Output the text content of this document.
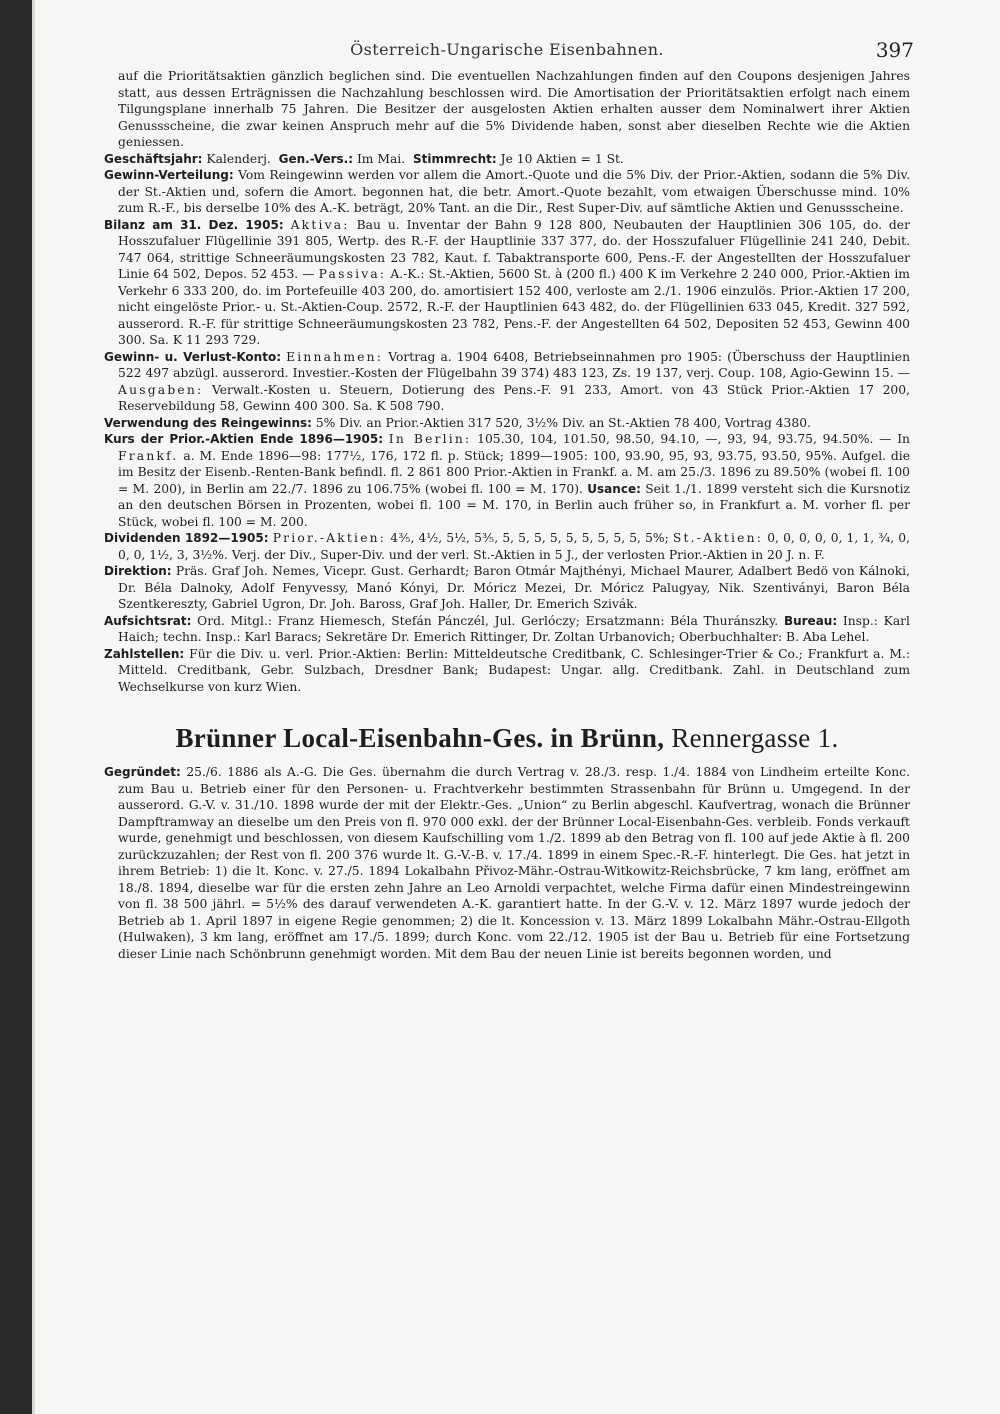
Österreich-Ungarische Eisenbahnen.	397

auf die Prioritätsaktien gänzlich beglichen sind. Die eventuellen Nachzahlungen finden auf den Coupons desjenigen Jahres statt, aus dessen Erträgnissen die Nachzahlung beschlossen wird. Die Amortisation der Prioritätsaktien erfolgt nach einem Tilgungsplane innerhalb 75 Jahren. Die Besitzer der ausgelosten Aktien erhalten ausser dem Nominalwert ihrer Aktien Genussscheine, die zwar keinen Anspruch mehr auf die 5% Dividende haben, sonst aber dieselben Rechte wie die Aktien geniessen.

Geschäftsjahr: Kalenderj. Gen.-Vers.: Im Mai. Stimmrecht: Je 10 Aktien = 1 St.

Gewinn-Verteilung: Vom Reingewinn werden vor allem die Amort.-Quote und die 5% Div. der Prior.-Aktien, sodann die 5% Div. der St.-Aktien und, sofern die Amort. begonnen hat, die betr. Amort.-Quote bezahlt, vom etwaigen Überschusse mind. 10% zum R.-F., bis derselbe 10% des A.-K. beträgt, 20% Tant. an die Dir., Rest Super-Div. auf sämtliche Aktien und Genussscheine.

Bilanz am 31. Dez. 1905: Aktiva: Bau u. Inventar der Bahn 9 128 800, Neubauten der Hauptlinien 306 105, do. der Hosszufaluer Flügellinie 391 805, Wertp. des R.-F. der Hauptlinie 337 377, do. der Hosszufaluer Flügellinie 241 240, Debit. 747 064, strittige Schneeräumungskosten 23 782, Kaut. f. Tabaktransporte 600, Pens.-F. der Angestellten der Hosszufaluer Linie 64 502, Depos. 52 453. — Passiva: A.-K.: St.-Aktien, 5600 St. à (200 fl.) 400 K im Verkehre 2 240 000, Prior.-Aktien im Verkehr 6 333 200, do. im Portefeuille 403 200, do. amortisiert 152 400, verloste am 2./1. 1906 einzulös. Prior.-Aktien 17 200, nicht eingelöste Prior.- u. St.-Aktien-Coup. 2572, R.-F. der Hauptlinien 643 482, do. der Flügellinien 633 045, Kredit. 327 592, ausserord. R.-F. für strittige Schneeräumungskosten 23 782, Pens.-F. der Angestellten 64 502, Depositen 52 453, Gewinn 400 300. Sa. K 11 293 729.

Gewinn- u. Verlust-Konto: Einnahmen: Vortrag a. 1904 6408, Betriebseinnahmen pro 1905: (Überschuss der Hauptlinien 522 497 abzügl. ausserord. Investier.-Kosten der Flügelbahn 39 374) 483 123, Zs. 19 137, verj. Coup. 108, Agio-Gewinn 15. — Ausgaben: Verwalt.-Kosten u. Steuern, Dotierung des Pens.-F. 91 233, Amort. von 43 Stück Prior.-Aktien 17 200, Reservebildung 58, Gewinn 400 300. Sa. K 508 790.

Verwendung des Reingewinns: 5% Div. an Prior.-Aktien 317 520, 3½% Div. an St.-Aktien 78 400, Vortrag 4380.

Kurs der Prior.-Aktien Ende 1896—1905: In Berlin: 105.30, 104, 101.50, 98.50, 94.10, —, 93, 94, 93.75, 94.50%. — In Frankf. a. M. Ende 1896—98: 177½, 176, 172 fl. p. Stück; 1899—1905: 100, 93.90, 95, 93, 93.75, 93.50, 95%. Aufgel. die im Besitz der Eisenb.-Renten-Bank befindl. fl. 2 861 800 Prior.-Aktien in Frankf. a. M. am 25./3. 1896 zu 89.50% (wobei fl. 100 = M. 200), in Berlin am 22./7. 1896 zu 106.75% (wobei fl. 100 = M. 170). Usance: Seit 1./1. 1899 versteht sich die Kursnotiz an den deutschen Börsen in Prozenten, wobei fl. 100 = M. 170, in Berlin auch früher so, in Frankfurt a. M. vorher fl. per Stück, wobei fl. 100 = M. 200.

Dividenden 1892—1905: Prior.-Aktien: 4⅗, 4½, 5½, 5⅗, 5, 5, 5, 5, 5, 5, 5, 5, 5, 5%; St.-Aktien: 0, 0, 0, 0, 0, 1, 1, ¾, 0, 0, 0, 1½, 3, 3½%. Verj. der Div., Super-Div. und der verl. St.-Aktien in 5 J., der verlosten Prior.-Aktien in 20 J. n. F.

Direktion: Präs. Graf Joh. Nemes, Vicepr. Gust. Gerhardt; Baron Otmár Majthényi, Michael Maurer, Adalbert Bedö von Kálnoki, Dr. Béla Dalnoky, Adolf Fenyvessy, Manó Kónyi, Dr. Móricz Mezei, Dr. Móricz Palugyay, Nik. Szentiványi, Baron Béla Szentkereszty, Gabriel Ugron, Dr. Joh. Baross, Graf Joh. Haller, Dr. Emerich Szivák.

Aufsichtsrat: Ord. Mitgl.: Franz Hiemesch, Stefán Pánczél, Jul. Gerlóczy; Ersatzmann: Béla Thuránszky. Bureau: Insp.: Karl Haich; techn. Insp.: Karl Baracs; Sekretäre Dr. Emerich Rittinger, Dr. Zoltan Urbanovich; Oberbuchhalter: B. Aba Lehel.

Zahlstellen: Für die Div. u. verl. Prior.-Aktien: Berlin: Mitteldeutsche Creditbank, C. Schlesinger-Trier & Co.; Frankfurt a. M.: Mitteld. Creditbank, Gebr. Sulzbach, Dresdner Bank; Budapest: Ungar. allg. Creditbank. Zahl. in Deutschland zum Wechselkurse von kurz Wien.

Brünner Local-Eisenbahn-Ges. in Brünn, Rennergasse 1.

Gegründet: 25./6. 1886 als A.-G. Die Ges. übernahm die durch Vertrag v. 28./3. resp. 1./4. 1884 von Lindheim erteilte Konc. zum Bau u. Betrieb einer für den Personen- u. Frachtverkehr bestimmten Strassenbahn für Brünn u. Umgegend. In der ausserord. G.-V. v. 31./10. 1898 wurde der mit der Elektr.-Ges. „Union“ zu Berlin abgeschl. Kaufvertrag, wonach die Brünner Dampftramway an dieselbe um den Preis von fl. 970 000 exkl. der der Brünner Local-Eisenbahn-Ges. verbleib. Fonds verkauft wurde, genehmigt und beschlossen, von diesem Kaufschilling vom 1./2. 1899 ab den Betrag von fl. 100 auf jede Aktie à fl. 200 zurückzuzahlen; der Rest von fl. 200 376 wurde lt. G.-V.-B. v. 17./4. 1899 in einem Spec.-R.-F. hinterlegt. Die Ges. hat jetzt in ihrem Betrieb: 1) die lt. Konc. v. 27./5. 1894 Lokalbahn Přivoz-Mähr.-Ostrau-Witkowitz-Reichsbrücke, 7 km lang, eröffnet am 18./8. 1894, dieselbe war für die ersten zehn Jahre an Leo Arnoldi verpachtet, welche Firma dafür einen Mindestreingewinn von fl. 38 500 jährl. = 5½% des darauf verwendeten A.-K. garantiert hatte. In der G.-V. v. 12. März 1897 wurde jedoch der Betrieb ab 1. April 1897 in eigene Regie genommen; 2) die lt. Koncession v. 13. März 1899 Lokalbahn Mähr.-Ostrau-Ellgoth (Hulwaken), 3 km lang, eröffnet am 17./5. 1899; durch Konc. vom 22./12. 1905 ist der Bau u. Betrieb für eine Fortsetzung dieser Linie nach Schönbrunn genehmigt worden. Mit dem Bau der neuen Linie ist bereits begonnen worden, und
